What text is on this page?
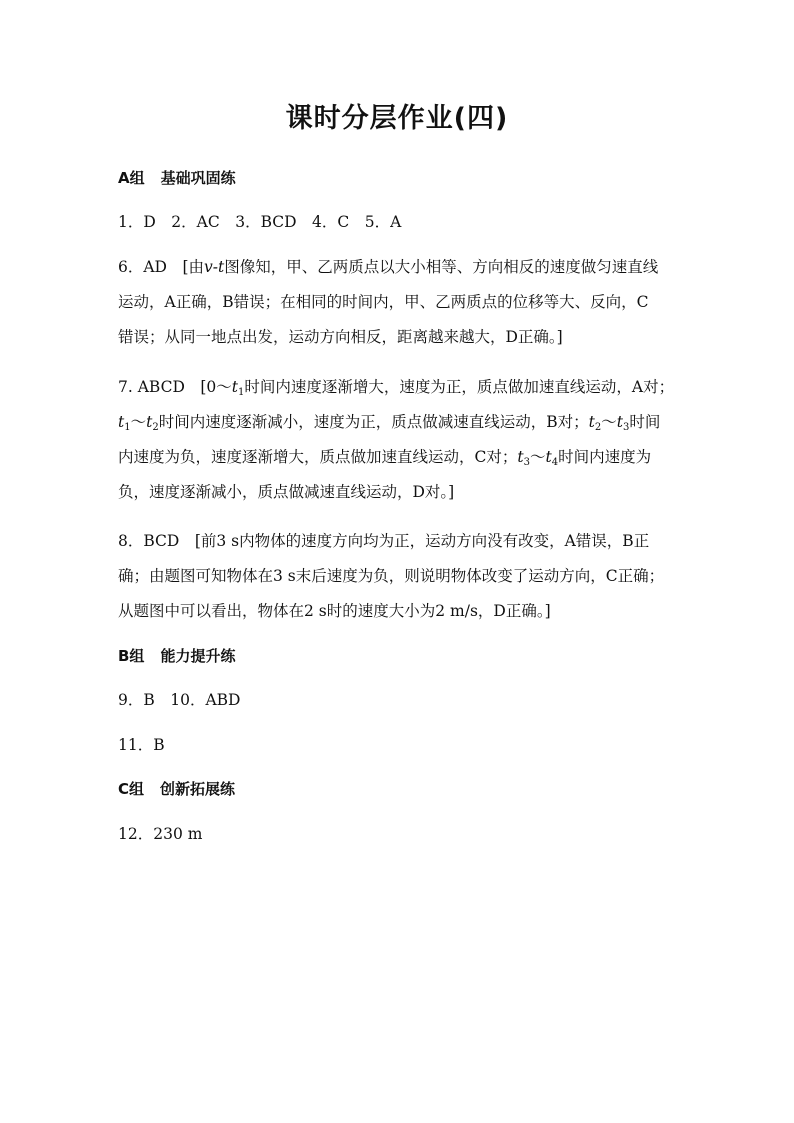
课时分层作业(四)
A组 基础巩固练
1．D　2．AC　3．BCD　4．C　5．A
6．AD　[由v-t图像知，甲、乙两质点以大小相等、方向相反的速度做匀速直线
运动，A正确，B错误；在相同的时间内，甲、乙两质点的位移等大、反向，C
错误；从同一地点出发，运动方向相反，距离越来越大，D正确。]
7. ABCD　[$0\sim t_1$时间内速度逐渐增大，速度为正，质点做加速直线运动，A对；
$t_1\sim t_2$时间内速度逐渐减小，速度为正，质点做减速直线运动，B对；$t_2\sim t_3$时间
内速度为负，速度逐渐增大，质点做加速直线运动，C对；$t_3\sim t_4$时间内速度为
负，速度逐渐减小，质点做减速直线运动，D对。]
8．BCD　[前3 s内物体的速度方向均为正，运动方向没有改变，A错误，B正
确；由题图可知物体在3 s末后速度为负，则说明物体改变了运动方向，C正确；
从题图中可以看出，物体在2 s时的速度大小为2 m/s，D正确。]
B组 能力提升练
9．B　10．ABD
11．B
C组 创新拓展练
12．230 m
